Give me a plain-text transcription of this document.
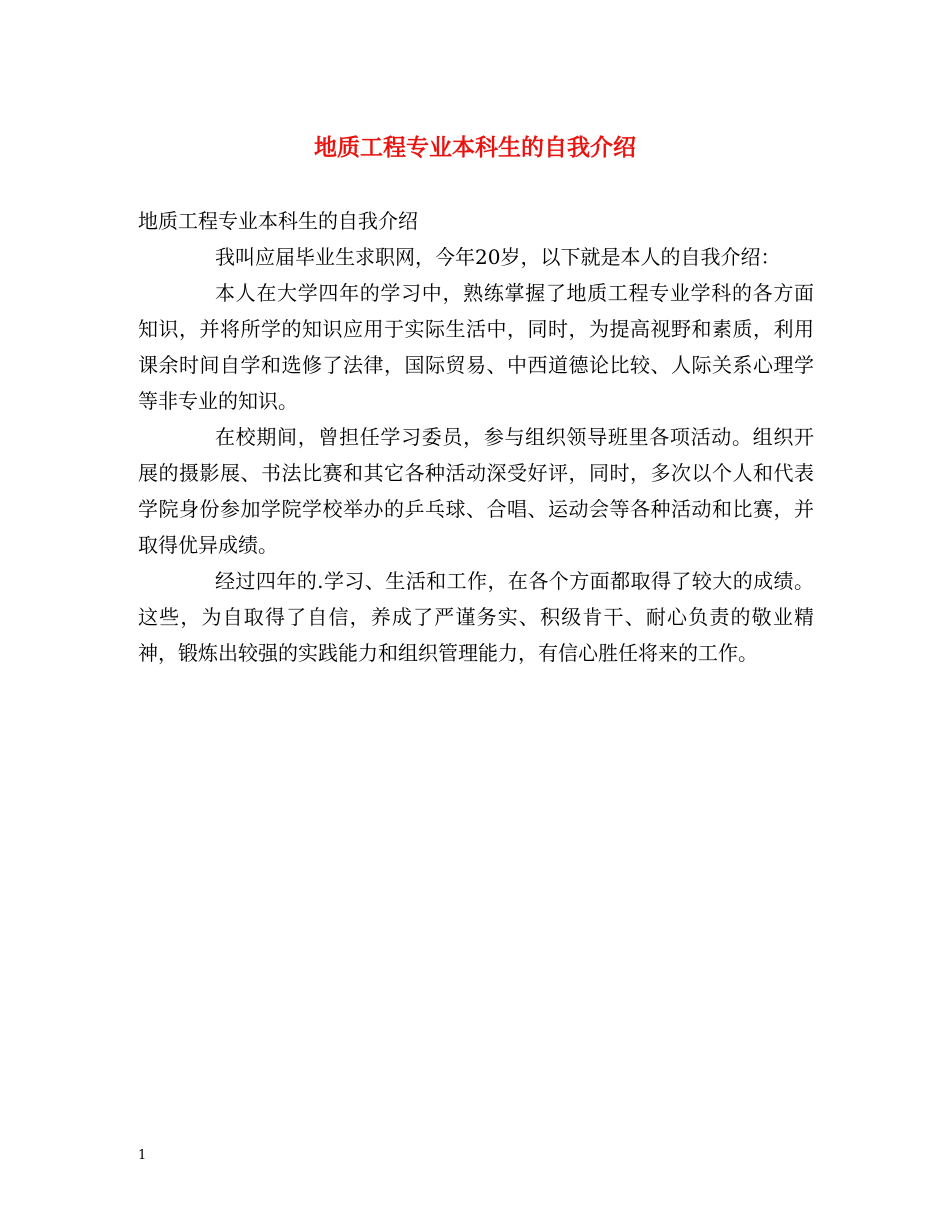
地质工程专业本科生的自我介绍
地质工程专业本科生的自我介绍

我叫应届毕业生求职网，今年20岁，以下就是本人的自我介绍：

本人在大学四年的学习中，熟练掌握了地质工程专业学科的各方面知识，并将所学的知识应用于实际生活中，同时，为提高视野和素质，利用课余时间自学和选修了法律，国际贸易、中西道德论比较、人际关系心理学等非专业的知识。

在校期间，曾担任学习委员，参与组织领导班里各项活动。组织开展的摄影展、书法比赛和其它各种活动深受好评，同时，多次以个人和代表学院身份参加学院学校举办的乒乓球、合唱、运动会等各种活动和比赛，并取得优异成绩。

经过四年的.学习、生活和工作，在各个方面都取得了较大的成绩。这些，为自取得了自信，养成了严谨务实、积级肯干、耐心负责的敬业精神，锻炼出较强的实践能力和组织管理能力，有信心胜任将来的工作。

1
